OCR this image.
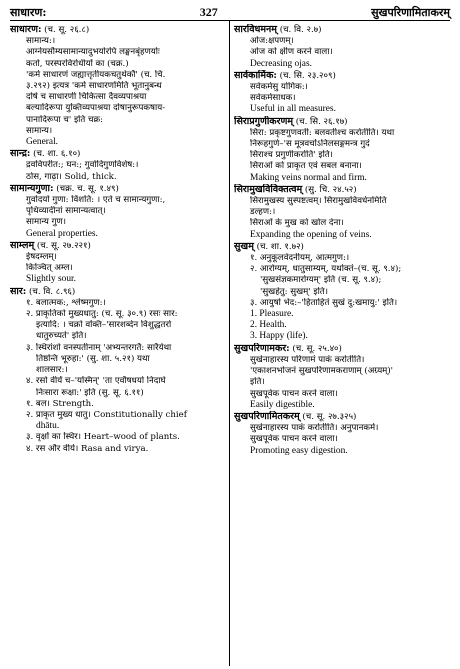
साधारण:	327	सुखपरिणामिताकरम्
साधारण: (च. सू. २६.८)
सामान्य:।
आग्नेयसौम्यसामान्यादुभयोरपि लङ्घनबृंहणयोः
कर्ता, परस्परविरोधीयों का (चक्र.)
'कर्म साधारणं जह्यात्तृतीयकचतुर्थकौ' (च. चि.
३.२९२) इत्यत्र 'कर्म साधारणमिति भूतानुबन्ध
दोषे च साधारणी चिकित्सा दैवव्यपाश्रया
बल्यादिरूपा युक्तिव्यपाश्रया दोषानुरूपकषाय-
पानादिरूपा च' इति चक्र:
सामान्य।
General.
सान्द्र: (च. शा. ६.१०)
द्रवविपरीत:; घन:; गुर्वादिगुणविशेष:।
ठोस, गाढ़ा। Solid, thick.
सामान्यगुणा: (चक्र. च. सू. १.४९)
गुर्वादयो गुणा: विंशति: । एते च सामान्यगुणा:,
पृथिव्यादीनां सामान्यत्वात्।
सामान्य गुण।
General properties.
साम्लम् (च. सू. २७.२२१)
ईषदम्लम्।
किञ्चित् अम्ल।
Slightly sour.
सार: (च. वि. ८.९६)
१. बलात्मक:, श्लेष्मगुण:।
२. प्राकृतिको मुख्यधातु: (च. सू. ३०.९) रसः सार:
इत्यादि: । चक्रो वक्ति–'सारशब्देन विशुद्धतरो
धातुरुच्यते' इति।
३. स्थिरांशो वनस्पतीनाम् 'अभ्यन्तरगतै: सारैर्यथा
तिष्ठन्ति भूरुहा:' (सु. शा. ५.२१) यथा
शालसार:।
४. रसो वीर्यं च–'यस्मिन्' 'ता एवौषधयो निदाघे
निःसारा रूक्षा:' इति (सु. सू. ६.११)
१. बल। Strength.
२. प्राकृत मुख्य धातु। Constitutionally chief
dhātu.
३. वृक्षों का स्थिर। Heart–wood of plants.
४. रस और वीर्य। Rasa and virya.
सारविधमनम् (च. वि. २.७)
ओज:क्षपणम्।
ओज को क्षीण करने वाला।
Decreasing ojas.
सार्वकार्मिक: (च. सि. २३.२०९)
सर्वकर्मसु योगिक:।
सर्वकर्मसाधक।
Useful in all measures.
सिराप्रगुणीकरणम् (च. सि. २६.१७)
सिरा: प्रकृष्टगुणवती: बलवतीश्च करोतीति। यथा
निरूहगुणे–'स मूत्रवर्चोऽनिलसङ्गमन्त्र गुदं
सिराश्च प्रगुणीकरोति' इति।
सिराओं को प्राकृत एवं सबल बनाना।
Making veins normal and firm.
सिरामुखविविक्तत्वम् (सु. चि. २४.५२)
सिरामुखस्य सुस्पष्टत्वम्। सिरामुखविवर्धनमिति
डल्हण:।
सिराओं के मुख को खोल देना।
Expanding the opening of veins.
सुखम् (च. शा. १.७२)
१. अनुकूलवेदनीयम्, आत्मगुण:।
२. आरोग्यम्, धातुसाम्यम्, यथोक्तं–(च. सू. ९.४);
'सुखसंज्ञकमारोग्यम्' इति (च. सू. ९.४);
'सुखहेतु: सुखम्' इति।
३. आयुषो भेद:–'हिताहितं सुखं दु:खमायु:' इति।
1. Pleasure.
2. Health.
3. Happy (life).
सुखपरिणामकर: (च. सू. २५.४०)
सुखेनाहारस्य परिणामं पाकं करोतीति।
'एकाशनभोजनं सुखपरिणामकराणाम् (अग्र्यम्)'
इति।
सुखपूर्वक पाचन करने वाला।
Easily digestible.
सुखपरिणामितकरम् (च. सू. २७.३२५)
सुखेनाहारस्य पाकं करोतीति। अनुपानकर्म।
सुखपूर्वक पाचन करने वाला।
Promoting easy digestion.
